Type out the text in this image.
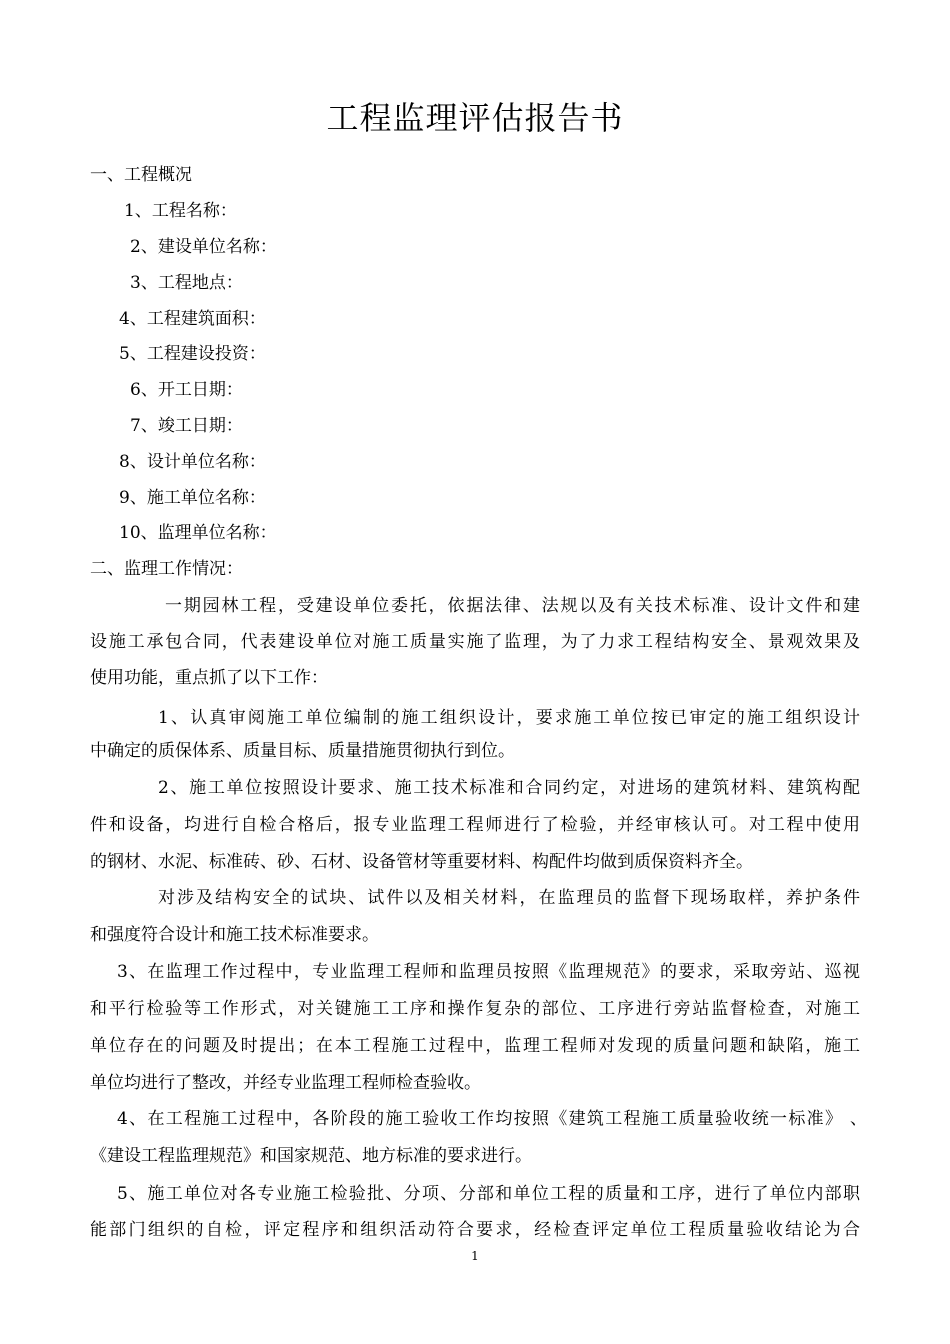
工程监理评估报告书
一、工程概况
1、工程名称：
2、建设单位名称：
3、工程地点：
4、工程建筑面积：
5、工程建设投资：
6、开工日期：
7、竣工日期：
8、设计单位名称：
9、施工单位名称：
10、监理单位名称：
二、监理工作情况：
一期园林工程，受建设单位委托，依据法律、法规以及有关技术标准、设计文件和建
设施工承包合同，代表建设单位对施工质量实施了监理，为了力求工程结构安全、景观效果及
使用功能，重点抓了以下工作：
1、认真审阅施工单位编制的施工组织设计，要求施工单位按已审定的施工组织设计
中确定的质保体系、质量目标、质量措施贯彻执行到位。
2、施工单位按照设计要求、施工技术标准和合同约定，对进场的建筑材料、建筑构配
件和设备，均进行自检合格后，报专业监理工程师进行了检验，并经审核认可。对工程中使用
的钢材、水泥、标准砖、砂、石材、设备管材等重要材料、构配件均做到质保资料齐全。
对涉及结构安全的试块、试件以及相关材料，在监理员的监督下现场取样，养护条件
和强度符合设计和施工技术标准要求。
3、在监理工作过程中，专业监理工程师和监理员按照《监理规范》的要求，采取旁站、巡视
和平行检验等工作形式，对关键施工工序和操作复杂的部位、工序进行旁站监督检查，对施工
单位存在的问题及时提出；在本工程施工过程中，监理工程师对发现的质量问题和缺陷，施工
单位均进行了整改，并经专业监理工程师检查验收。
4、在工程施工过程中，各阶段的施工验收工作均按照《建筑工程施工质量验收统一标准》 、
《建设工程监理规范》和国家规范、地方标准的要求进行。
5、施工单位对各专业施工检验批、分项、分部和单位工程的质量和工序，进行了单位内部职
能部门组织的自检，评定程序和组织活动符合要求，经检查评定单位工程质量验收结论为合
1
